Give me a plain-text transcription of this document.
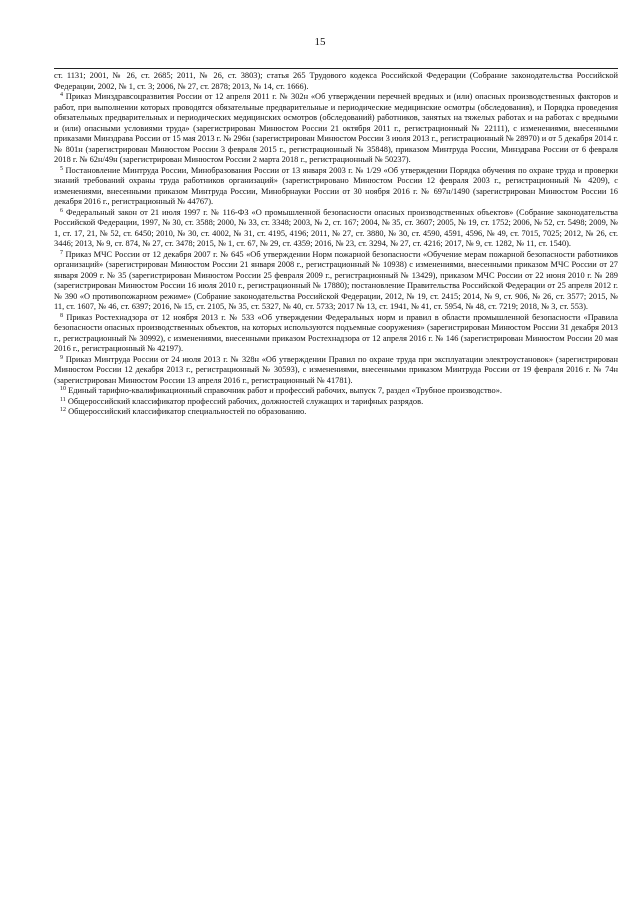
15

ст. 1131; 2001, № 26, ст. 2685; 2011, № 26, ст. 3803); статья 265 Трудового кодекса Российской Федерации (Собрание законодательства Российской Федерации, 2002, № 1, ст. 3; 2006, № 27, ст. 2878; 2013, № 14, ст. 1666).

$^4$ Приказ Минздравсоцразвития России от 12 апреля 2011 г. № 302н «Об утверждении перечней вредных и (или) опасных производственных факторов и работ, при выполнении которых проводятся обязательные предварительные и периодические медицинские осмотры (обследования), и Порядка проведения обязательных предварительных и периодических медицинских осмотров (обследований) работников, занятых на тяжелых работах и на работах с вредными и (или) опасными условиями труда» (зарегистрирован Минюстом России 21 октября 2011 г., регистрационный № 22111), с изменениями, внесенными приказами Минздрава России от 15 мая 2013 г. № 296н (зарегистрирован Минюстом России 3 июля 2013 г., регистрационный № 28970) и от 5 декабря 2014 г. № 801н (зарегистрирован Минюстом России 3 февраля 2015 г., регистрационный № 35848), приказом Минтруда России, Минздрава России от 6 февраля 2018 г. № 62н/49н (зарегистрирован Минюстом России 2 марта 2018 г., регистрационный № 50237).

$^5$ Постановление Минтруда России, Минобразования России от 13 января 2003 г. № 1/29 «Об утверждении Порядка обучения по охране труда и проверки знаний требований охраны труда работников организаций» (зарегистрировано Минюстом России 12 февраля 2003 г., регистрационный № 4209), с изменениями, внесенными приказом Минтруда России, Минобрнауки России от 30 ноября 2016 г. № 697н/1490 (зарегистрирован Минюстом России 16 декабря 2016 г., регистрационный № 44767).

$^6$ Федеральный закон от 21 июля 1997 г. № 116-ФЗ «О промышленной безопасности опасных производственных объектов» (Собрание законодательства Российской Федерации, 1997, № 30, ст. 3588; 2000, № 33, ст. 3348; 2003, № 2, ст. 167; 2004, № 35, ст. 3607; 2005, № 19, ст. 1752; 2006, № 52, ст. 5498; 2009, № 1, ст. 17, 21, № 52, ст. 6450; 2010, № 30, ст. 4002, № 31, ст. 4195, 4196; 2011, № 27, ст. 3880, № 30, ст. 4590, 4591, 4596, № 49, ст. 7015, 7025; 2012, № 26, ст. 3446; 2013, № 9, ст. 874, № 27, ст. 3478; 2015, № 1, ст. 67, № 29, ст. 4359; 2016, № 23, ст. 3294, № 27, ст. 4216; 2017, № 9, ст. 1282, № 11, ст. 1540).

$^7$ Приказ МЧС России от 12 декабря 2007 г. № 645 «Об утверждении Норм пожарной безопасности «Обучение мерам пожарной безопасности работников организаций» (зарегистрирован Минюстом России 21 января 2008 г., регистрационный № 10938) с изменениями, внесенными приказом МЧС России от 27 января 2009 г. № 35 (зарегистрирован Минюстом России 25 февраля 2009 г., регистрационный № 13429), приказом МЧС России от 22 июня 2010 г. № 289 (зарегистрирован Минюстом России 16 июля 2010 г., регистрационный № 17880); постановление Правительства Российской Федерации от 25 апреля 2012 г. № 390 «О противопожарном режиме» (Собрание законодательства Российской Федерации, 2012, № 19, ст. 2415; 2014, № 9, ст. 906, № 26, ст. 3577; 2015, № 11, ст. 1607, № 46, ст. 6397; 2016, № 15, ст. 2105, № 35, ст. 5327, № 40, ст. 5733; 2017 № 13, ст. 1941, № 41, ст. 5954, № 48, ст. 7219; 2018, № 3, ст. 553).

$^8$ Приказ Ростехнадзора от 12 ноября 2013 г. № 533 «Об утверждении Федеральных норм и правил в области промышленной безопасности «Правила безопасности опасных производственных объектов, на которых используются подъемные сооружения» (зарегистрирован Минюстом России 31 декабря 2013 г., регистрационный № 30992), с изменениями, внесенными приказом Ростехнадзора от 12 апреля 2016 г. № 146 (зарегистрирован Минюстом России 20 мая 2016 г., регистрационный № 42197).

$^9$ Приказ Минтруда России от 24 июля 2013 г. № 328н «Об утверждении Правил по охране труда при эксплуатации электроустановок» (зарегистрирован Минюстом России 12 декабря 2013 г., регистрационный № 30593), с изменениями, внесенными приказом Минтруда России от 19 февраля 2016 г. № 74н (зарегистрирован Минюстом России 13 апреля 2016 г., регистрационный № 41781).

$^{10}$ Единый тарифно-квалификационный справочник работ и профессий рабочих, выпуск 7, раздел «Трубное производство».

$^{11}$ Общероссийский классификатор профессий рабочих, должностей служащих и тарифных разрядов.

$^{12}$ Общероссийский классификатор специальностей по образованию.
